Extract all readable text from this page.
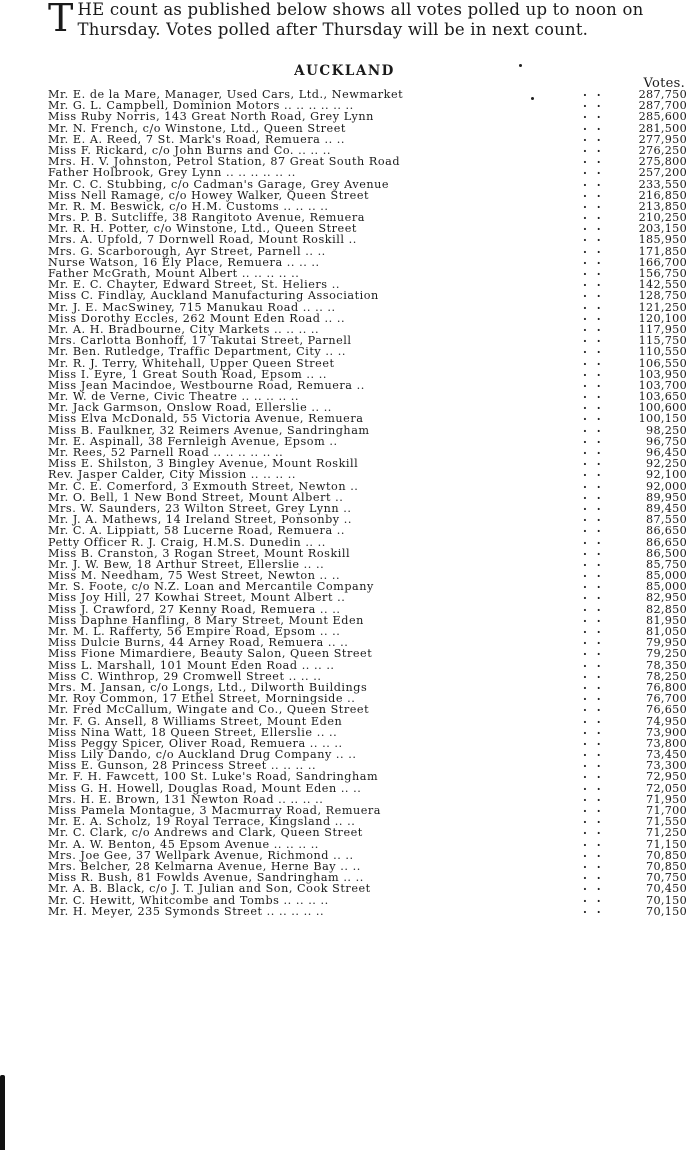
THE count as published below shows all votes polled up to noon on Thursday. Votes polled after Thursday will be in next count.
AUCKLAND
Votes.
Mr. E. de la Mare, Manager, Used Cars, Ltd., Newmarket	. .	287,750
Mr. G. L. Campbell, Dominion Motors .. .. .. .. .. ..	. .	287,700
Miss Ruby Norris, 143 Great North Road, Grey Lynn	. .	285,600
Mr. N. French, c/o Winstone, Ltd., Queen Street	. .	281,500
Mr. E. A. Reed, 7 St. Mark's Road, Remuera .. ..	. .	277,950
Miss F. Rickard, c/o John Burns and Co. .. .. ..	. .	276,250
Mrs. H. V. Johnston, Petrol Station, 87 Great South Road	. .	275,800
Father Holbrook, Grey Lynn .. .. .. .. .. ..	. .	257,200
Mr. C. C. Stubbing, c/o Cadman's Garage, Grey Avenue	. .	233,550
Miss Nell Ramage, c/o Howey Walker, Queen Street	. .	216,850
Mr. R. M. Beswick, c/o H.M. Customs .. .. .. ..	. .	213,850
Mrs. P. B. Sutcliffe, 38 Rangitoto Avenue, Remuera	. .	210,250
Mr. R. H. Potter, c/o Winstone, Ltd., Queen Street	. .	203,150
Mrs. A. Upfold, 7 Dornwell Road, Mount Roskill ..	. .	185,950
Mrs. G. Scarborough, Ayr Street, Parnell .. ..	. .	171,850
Nurse Watson, 16 Ely Place, Remuera .. .. ..	. .	166,700
Father McGrath, Mount Albert .. .. .. .. ..	. .	156,750
Mr. E. C. Chayter, Edward Street, St. Heliers ..	. .	142,550
Miss C. Findlay, Auckland Manufacturing Association	. .	128,750
Mr. J. E. MacSwiney, 715 Manukau Road .. .. ..	. .	121,250
Miss Dorothy Eccles, 262 Mount Eden Road .. ..	. .	120,100
Mr. A. H. Bradbourne, City Markets .. .. .. ..	. .	117,950
Mrs. Carlotta Bonhoff, 17 Takutai Street, Parnell	. .	115,750
Mr. Ben. Rutledge, Traffic Department, City .. ..	. .	110,550
Mr. R. J. Terry, Whitehall, Upper Queen Street	. .	106,550
Miss I. Eyre, 1 Great South Road, Epsom .. ..	. .	103,950
Miss Jean Macindoe, Westbourne Road, Remuera ..	. .	103,700
Mr. W. de Verne, Civic Theatre .. .. .. .. ..	. .	103,650
Mr. Jack Garmson, Onslow Road, Ellerslie .. ..	. .	100,600
Miss Elva McDonald, 55 Victoria Avenue, Remuera	. .	100,150
Miss B. Faulkner, 32 Reimers Avenue, Sandringham	. .	98,250
Mr. E. Aspinall, 38 Fernleigh Avenue, Epsom ..	. .	96,750
Mr. Rees, 52 Parnell Road .. .. .. .. .. ..	. .	96,450
Miss E. Shilston, 3 Bingley Avenue, Mount Roskill	. .	92,250
Rev. Jasper Calder, City Mission .. .. .. ..	. .	92,100
Mr. C. E. Comerford, 3 Exmouth Street, Newton ..	. .	92,000
Mr. O. Bell, 1 New Bond Street, Mount Albert ..	. .	89,950
Mrs. W. Saunders, 23 Wilton Street, Grey Lynn ..	. .	89,450
Mr. J. A. Mathews, 14 Ireland Street, Ponsonby ..	. .	87,550
Mr. C. A. Lippiatt, 58 Lucerne Road, Remuera ..	. .	86,650
Petty Officer R. J. Craig, H.M.S. Dunedin .. ..	. .	86,650
Miss B. Cranston, 3 Rogan Street, Mount Roskill	. .	86,500
Mr. J. W. Bew, 18 Arthur Street, Ellerslie .. ..	. .	85,750
Miss M. Needham, 75 West Street, Newton .. ..	. .	85,000
Mr. S. Foote, c/o N.Z. Loan and Mercantile Company	. .	85,000
Miss Joy Hill, 27 Kowhai Street, Mount Albert ..	. .	82,950
Miss J. Crawford, 27 Kenny Road, Remuera .. ..	. .	82,850
Miss Daphne Hanfling, 8 Mary Street, Mount Eden	. .	81,950
Mr. M. L. Rafferty, 56 Empire Road, Epsom .. ..	. .	81,050
Miss Dulcie Burns, 44 Arney Road, Remuera .. ..	. .	79,950
Miss Fione Mimardiere, Beauty Salon, Queen Street	. .	79,250
Miss L. Marshall, 101 Mount Eden Road .. .. ..	. .	78,350
Miss C. Winthrop, 29 Cromwell Street .. .. ..	. .	78,250
Mrs. M. Jansan, c/o Longs, Ltd., Dilworth Buildings	. .	76,800
Mr. Roy Common, 17 Ethel Street, Morningside ..	. .	76,700
Mr. Fred McCallum, Wingate and Co., Queen Street	. .	76,650
Mr. F. G. Ansell, 8 Williams Street, Mount Eden	. .	74,950
Miss Nina Watt, 18 Queen Street, Ellerslie .. ..	. .	73,900
Miss Peggy Spicer, Oliver Road, Remuera .. .. ..	. .	73,800
Miss Lily Dando, c/o Auckland Drug Company .. ..	. .	73,450
Miss E. Gunson, 28 Princess Street .. .. .. ..	. .	73,300
Mr. F. H. Fawcett, 100 St. Luke's Road, Sandringham	. .	72,950
Miss G. H. Howell, Douglas Road, Mount Eden .. ..	. .	72,050
Mrs. H. E. Brown, 131 Newton Road .. .. .. ..	. .	71,950
Miss Pamela Montague, 3 Macmurray Road, Remuera	. .	71,700
Mr. E. A. Scholz, 19 Royal Terrace, Kingsland .. ..	. .	71,550
Mr. C. Clark, c/o Andrews and Clark, Queen Street	. .	71,250
Mr. A. W. Benton, 45 Epsom Avenue .. .. .. ..	. .	71,150
Mrs. Joe Gee, 37 Wellpark Avenue, Richmond .. ..	. .	70,850
Mrs. Belcher, 28 Kelmarna Avenue, Herne Bay .. ..	. .	70,850
Miss R. Bush, 81 Fowlds Avenue, Sandringham .. ..	. .	70,750
Mr. A. B. Black, c/o J. T. Julian and Son, Cook Street	. .	70,450
Mr. C. Hewitt, Whitcombe and Tombs .. .. .. ..	. .	70,150
Mr. H. Meyer, 235 Symonds Street .. .. .. .. ..	. .	70,150
